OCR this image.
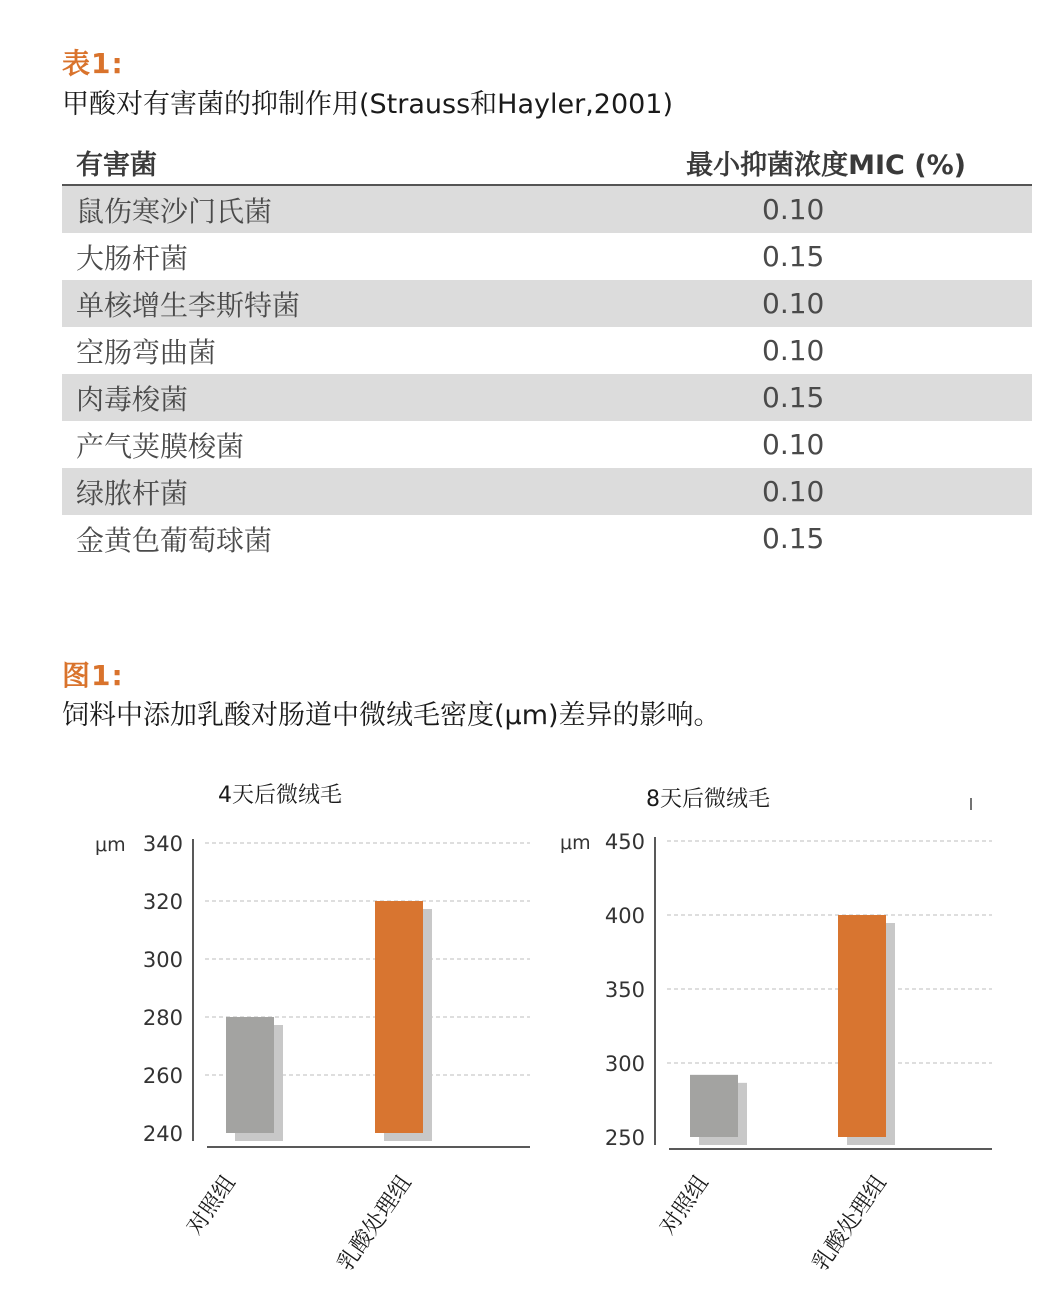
表1:
甲酸对有害菌的抑制作用(Strauss和Hayler,2001)
有害菌	最小抑菌浓度MIC (%)
鼠伤寒沙门氏菌	0.10
大肠杆菌	0.15
单核增生李斯特菌	0.10
空肠弯曲菌	0.10
肉毒梭菌	0.15
产气荚膜梭菌	0.10
绿脓杆菌	0.10
金黄色葡萄球菌	0.15
图1:
饲料中添加乳酸对肠道中微绒毛密度(μm)差异的影响。
4天后微绒毛
240
260
280
300
320
340
μm
对照组	乳酸处理组
8天后微绒毛
250
300
350
400
450
μm
对照组	乳酸处理组
